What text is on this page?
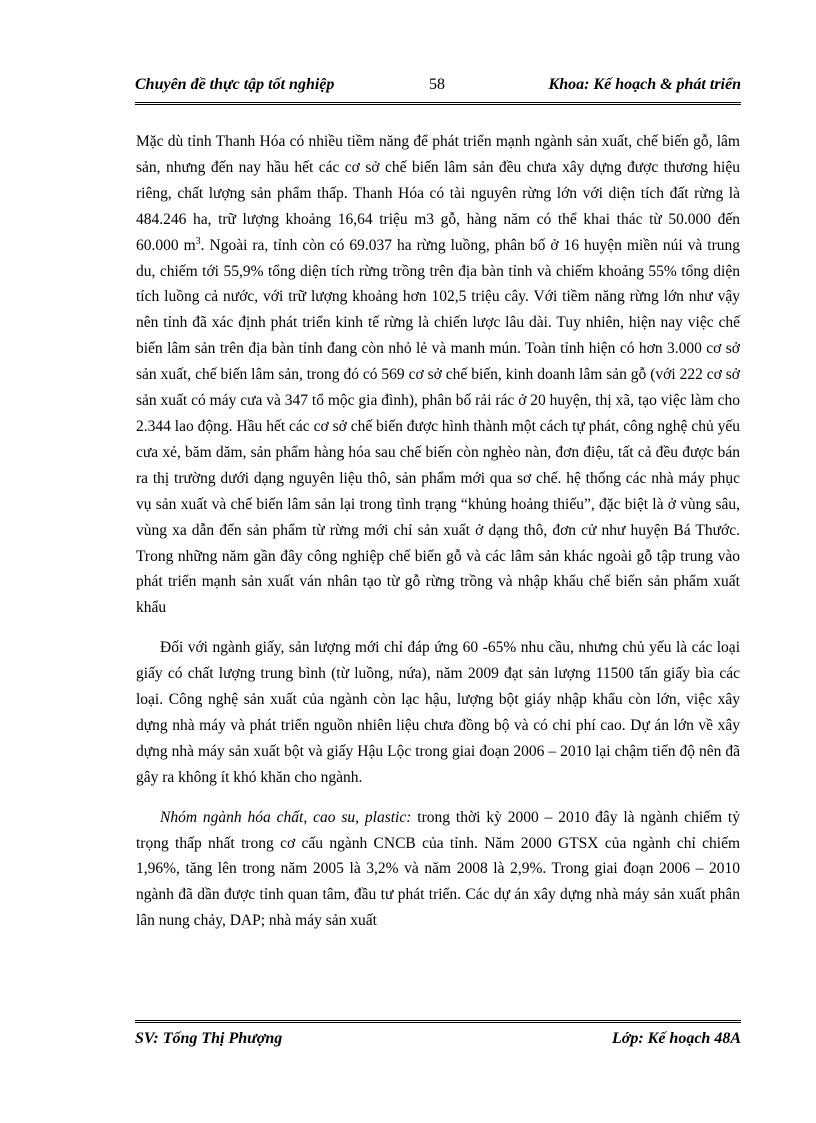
Chuyên đề thực tập tốt nghiệp	58	Khoa: Kế hoạch & phát triển

Mặc dù tỉnh Thanh Hóa có nhiều tiềm năng để phát triển mạnh ngành sản xuất, chế biến gỗ, lâm sản, nhưng đến nay hầu hết các cơ sở chế biến lâm sản đều chưa xây dựng được thương hiệu riêng, chất lượng sản phẩm thấp. Thanh Hóa có tài nguyên rừng lớn với diện tích đất rừng là 484.246 ha, trữ lượng khoảng 16,64 triệu m3 gỗ, hàng năm có thể khai thác từ 50.000 đến 60.000 $m^3$. Ngoài ra, tỉnh còn có 69.037 ha rừng luồng, phân bố ở 16 huyện miền núi và trung du, chiếm tới 55,9% tổng diện tích rừng trồng trên địa bàn tỉnh và chiếm khoảng 55% tổng diện tích luồng cả nước, với trữ lượng khoảng hơn 102,5 triệu cây. Với tiềm năng rừng lớn như vậy nên tỉnh đã xác định phát triển kinh tế rừng là chiến lược lâu dài. Tuy nhiên, hiện nay việc chế biến lâm sản trên địa bàn tỉnh đang còn nhỏ lẻ và manh mún. Toàn tỉnh hiện có hơn 3.000 cơ sở sản xuất, chế biến lâm sản, trong đó có 569 cơ sở chế biến, kinh doanh lâm sản gỗ (với 222 cơ sở sản xuất có máy cưa và 347 tổ mộc gia đình), phân bố rải rác ở 20 huyện, thị xã, tạo việc làm cho 2.344 lao động. Hầu hết các cơ sở chế biến được hình thành một cách tự phát, công nghệ chủ yếu cưa xẻ, băm dăm, sản phẩm hàng hóa sau chế biến còn nghèo nàn, đơn điệu, tất cả đều được bán ra thị trường dưới dạng nguyên liệu thô, sản phẩm mới qua sơ chế. hệ thống các nhà máy phục vụ sản xuất và chế biến lâm sản lại trong tình trạng “khủng hoảng thiếu”, đặc biệt là ở vùng sâu, vùng xa dẫn đến sản phẩm từ rừng mới chỉ sản xuất ở dạng thô, đơn cử như huyện Bá Thước. Trong những năm gần đây công nghiệp chế biến gỗ và các lâm sản khác ngoài gỗ tập trung vào phát triển mạnh sản xuất ván nhân tạo từ gỗ rừng trồng và nhập khẩu chế biến sản phẩm xuất khẩu

Đối với ngành giấy, sản lượng mới chỉ đáp ứng 60 -65% nhu cầu, nhưng chủ yếu là các loại giấy có chất lượng trung bình (từ luồng, nứa), năm 2009 đạt sản lượng 11500 tấn giấy bìa các loại. Công nghệ sản xuất của ngành còn lạc hậu, lượng bột giáy nhập khẩu còn lớn, việc xây dựng nhà máy và phát triển nguồn nhiên liệu chưa đồng bộ và có chi phí cao. Dự án lớn về xây dựng nhà máy sản xuất bột và giấy Hậu Lộc trong giai đoạn 2006 – 2010 lại chậm tiến độ nên đã gây ra không ít khó khăn cho ngành.

Nhóm ngành hóa chất, cao su, plastic: trong thời kỳ 2000 – 2010 đây là ngành chiếm tỷ trọng thấp nhất trong cơ cấu ngành CNCB của tỉnh. Năm 2000 GTSX của ngành chỉ chiếm 1,96%, tăng lên trong năm 2005 là 3,2% và năm 2008 là 2,9%. Trong giai đoạn 2006 – 2010 ngành đã dần được tỉnh quan tâm, đầu tư phát triển. Các dự án xây dựng nhà máy sản xuất phân lân nung chảy, DAP; nhà máy sản xuất

SV: Tống Thị Phượng	Lớp: Kế hoạch 48A
